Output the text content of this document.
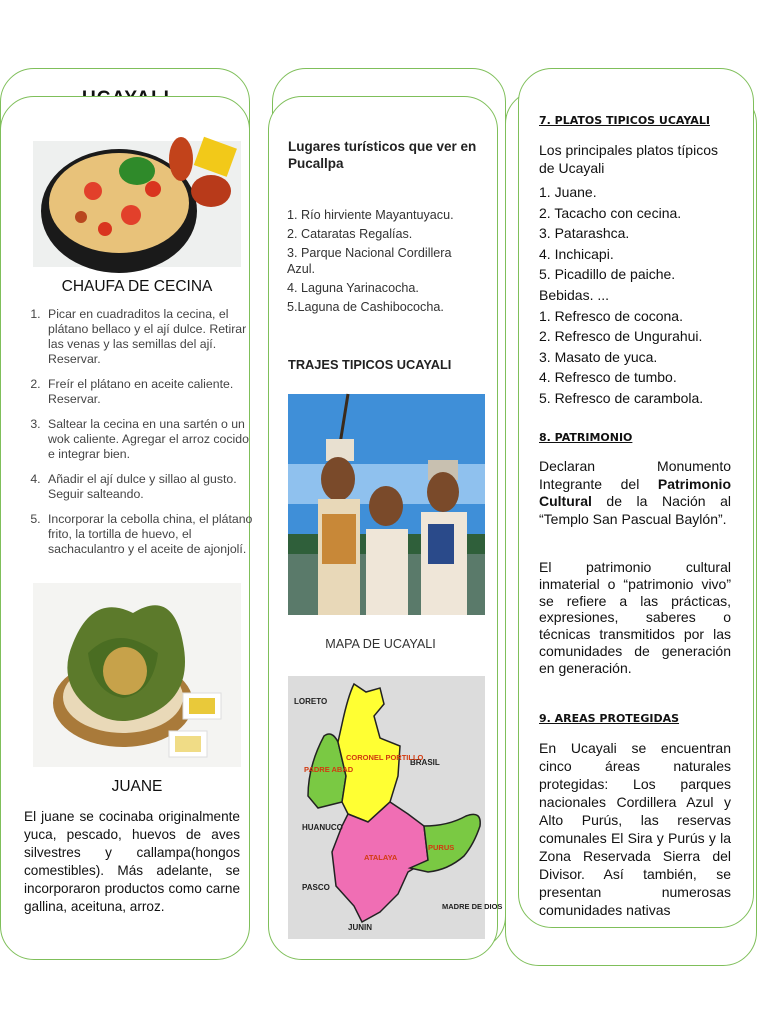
CHAUFA DE CECINA
1. Picar en cuadraditos la cecina, el plátano bellaco y el ají dulce. Retirar las venas y las semillas del ají. Reservar.
2. Freír el plátano en aceite caliente. Reservar.
3. Saltear la cecina en una sartén o un wok caliente. Agregar el arroz cocido e integrar bien.
4. Añadir el ají dulce y sillao al gusto. Seguir salteando.
5. Incorporar la cebolla china, el plátano frito, la tortilla de huevo, el sachaculantro y el aceite de ajonjolí.
JUANE
El juane se cocinaba originalmente yuca, pescado, huevos de aves silvestres y callampa(hongos comestibles). Más adelante, se incorporaron productos como carne gallina, aceituna, arroz.
Lugares turísticos que ver en Pucallpa
1. Río hirviente Mayantuyacu.
2. Cataratas Regalías.
3. Parque Nacional Cordillera Azul.
4. Laguna Yarinacocha.
5.Laguna de Cashibococha.
TRAJES TIPICOS UCAYALI
MAPA DE UCAYALI
LORETO
BRASIL
HUANUCO
PASCO
JUNIN
MADRE DE DIOS
PADRE ABAD
CORONEL PORTILLO
ATALAYA
PURUS
7. PLATOS TIPICOS UCAYALI
Los principales platos típicos de Ucayali
1. Juane.
2. Tacacho con cecina.
3. Patarashca.
4. Inchicapi.
5. Picadillo de paiche.
Bebidas. ...
1. Refresco de cocona.
2. Refresco de Ungurahui.
3. Masato de yuca.
4. Refresco de tumbo.
5. Refresco de carambola.
8. PATRIMONIO
Declaran Monumento Integrante del Patrimonio Cultural de la Nación al “Templo San Pascual Baylón”.
El patrimonio cultural inmaterial o “patrimonio vivo” se refiere a las prácticas, expresiones, saberes o técnicas transmitidos por las comunidades de generación en generación.
9. AREAS PROTEGIDAS
En Ucayali se encuentran cinco áreas naturales protegidas: Los parques nacionales Cordillera Azul y Alto Purús, las reservas comunales El Sira y Purús y la Zona Reservada Sierra del Divisor. Así también, se presentan numerosas comunidades nativas
